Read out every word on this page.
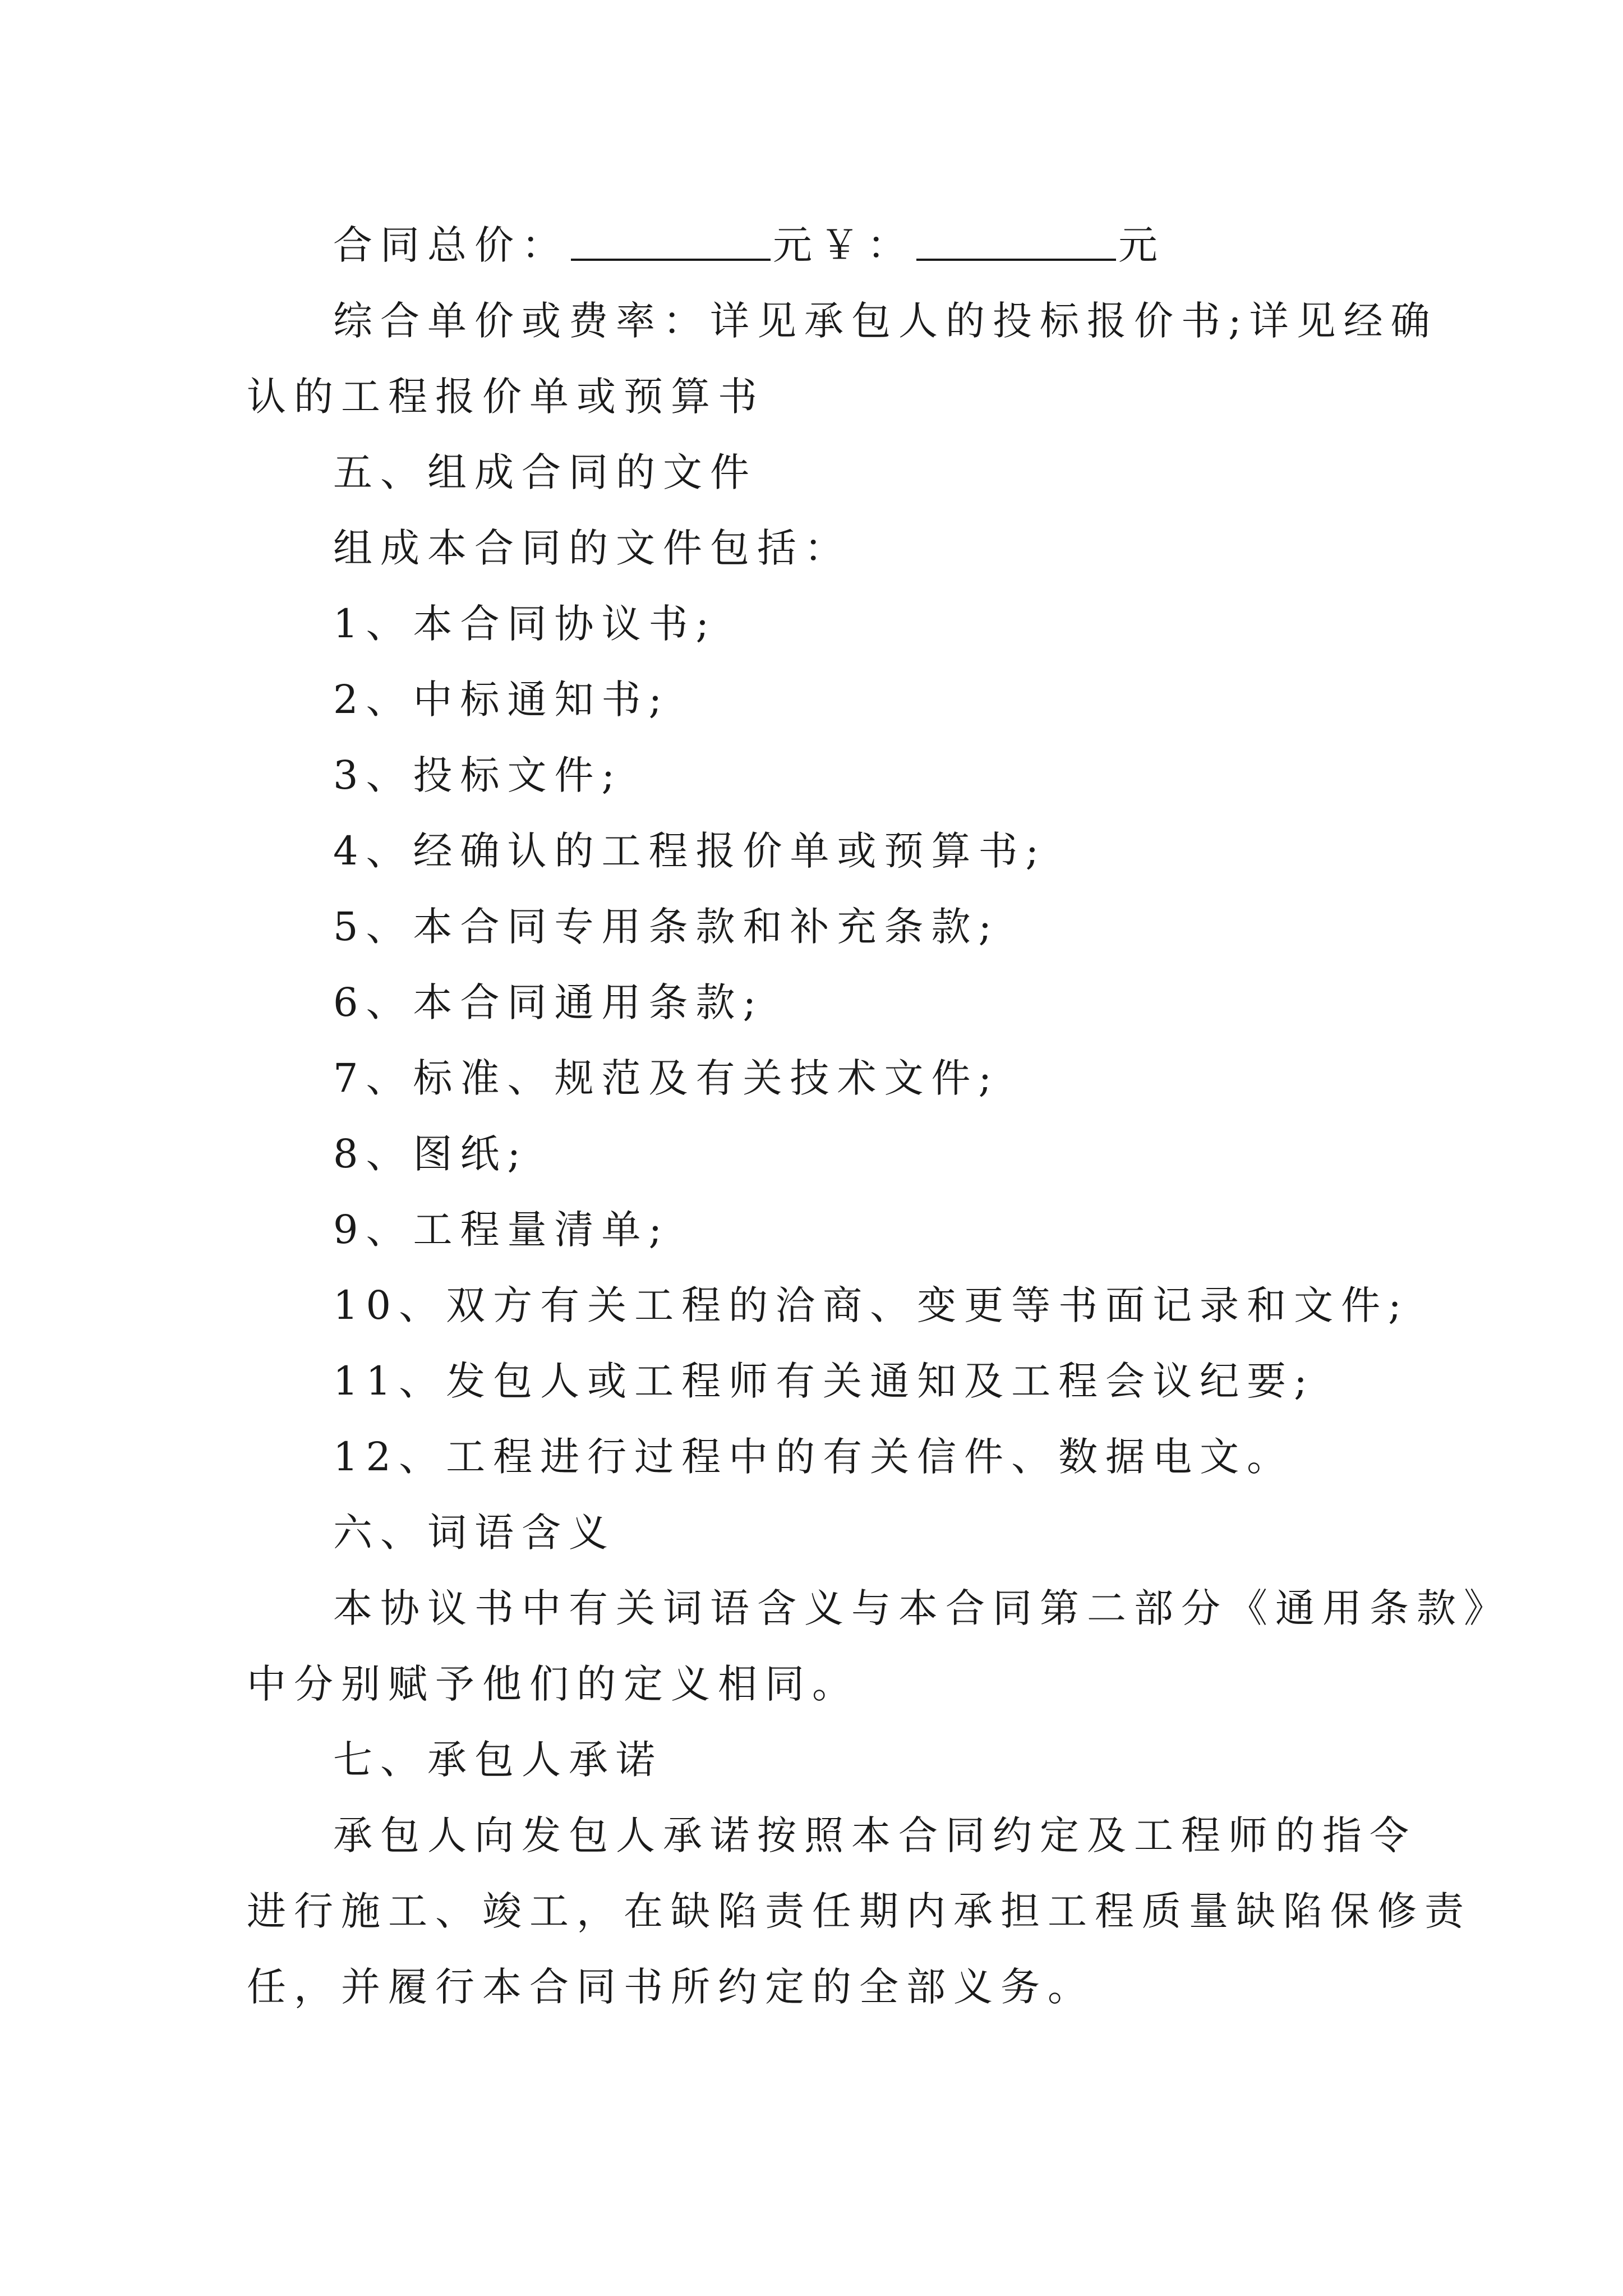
合同总价：	元￥：	元
综合单价或费率：详见承包人的投标报价书;详见经确
认的工程报价单或预算书
五、组成合同的文件
组成本合同的文件包括：
1、本合同协议书;
2、中标通知书;
3、投标文件;
4、经确认的工程报价单或预算书;
5、本合同专用条款和补充条款;
6、本合同通用条款;
7、标准、规范及有关技术文件;
8、图纸;
9、工程量清单;
10、双方有关工程的洽商、变更等书面记录和文件;
11、发包人或工程师有关通知及工程会议纪要;
12、工程进行过程中的有关信件、数据电文。
六、词语含义
本协议书中有关词语含义与本合同第二部分《通用条款》
中分别赋予他们的定义相同。
七、承包人承诺
承包人向发包人承诺按照本合同约定及工程师的指令
进行施工、竣工，在缺陷责任期内承担工程质量缺陷保修责
任，并履行本合同书所约定的全部义务。
